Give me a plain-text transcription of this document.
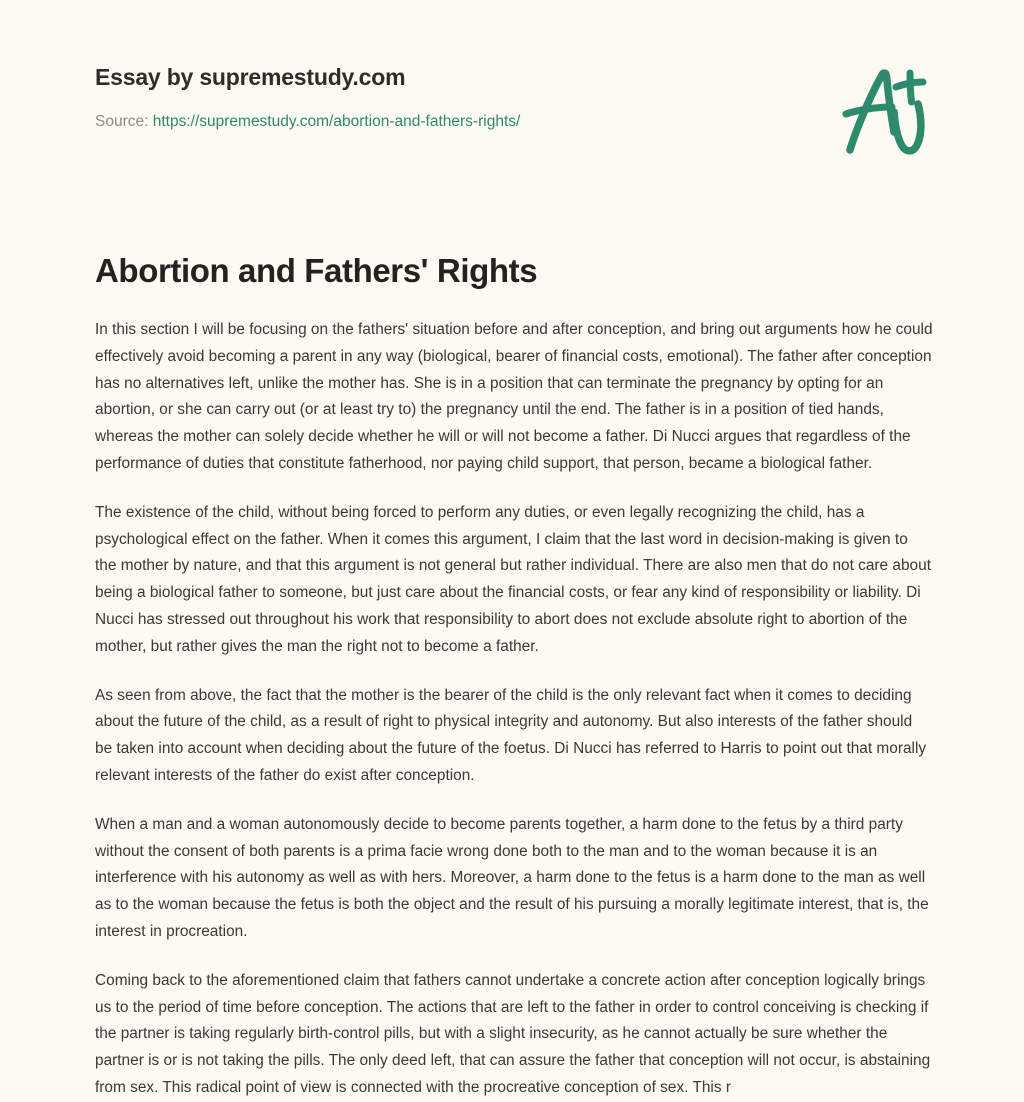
Essay by supremestudy.com
Source: https://supremestudy.com/abortion-and-fathers-rights/
Abortion and Fathers' Rights

In this section I will be focusing on the fathers' situation before and after conception, and bring out arguments how he could effectively avoid becoming a parent in any way (biological, bearer of financial costs, emotional). The father after conception has no alternatives left, unlike the mother has. She is in a position that can terminate the pregnancy by opting for an abortion, or she can carry out (or at least try to) the pregnancy until the end. The father is in a position of tied hands, whereas the mother can solely decide whether he will or will not become a father. Di Nucci argues that regardless of the performance of duties that constitute fatherhood, nor paying child support, that person, became a biological father.

The existence of the child, without being forced to perform any duties, or even legally recognizing the child, has a psychological effect on the father. When it comes this argument, I claim that the last word in decision-making is given to the mother by nature, and that this argument is not general but rather individual. There are also men that do not care about being a biological father to someone, but just care about the financial costs, or fear any kind of responsibility or liability. Di Nucci has stressed out throughout his work that responsibility to abort does not exclude absolute right to abortion of the mother, but rather gives the man the right not to become a father.

As seen from above, the fact that the mother is the bearer of the child is the only relevant fact when it comes to deciding about the future of the child, as a result of right to physical integrity and autonomy. But also interests of the father should be taken into account when deciding about the future of the foetus. Di Nucci has referred to Harris to point out that morally relevant interests of the father do exist after conception.

When a man and a woman autonomously decide to become parents together, a harm done to the fetus by a third party without the consent of both parents is a prima facie wrong done both to the man and to the woman because it is an interference with his autonomy as well as with hers. Moreover, a harm done to the fetus is a harm done to the man as well as to the woman because the fetus is both the object and the result of his pursuing a morally legitimate interest, that is, the interest in procreation.

Coming back to the aforementioned claim that fathers cannot undertake a concrete action after conception logically brings us to the period of time before conception. The actions that are left to the father in order to control conceiving is checking if the partner is taking regularly birth-control pills, but with a slight insecurity, as he cannot actually be sure whether the partner is or is not taking the pills. The only deed left, that can assure the father that conception will not occur, is abstaining from sex. This radical point of view is connected with the procreative conception of sex. This r
